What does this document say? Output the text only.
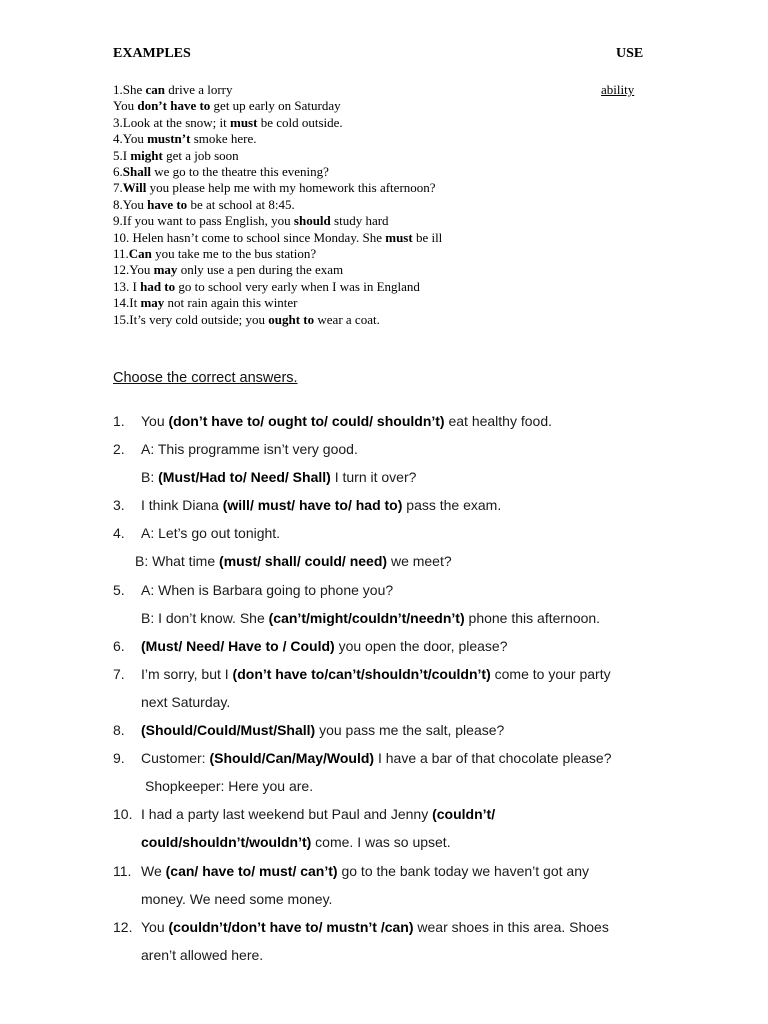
EXAMPLES	USE
1.She can drive a lorry
You don’t have to get up early on Saturday
3.Look at the snow; it must be cold outside.
4.You mustn’t smoke here.
5.I might get a job soon
6.Shall we go to the theatre this evening?
7.Will you please help me with my homework this afternoon?
8.You have to be at school at 8:45.
9.If you want to pass English, you should study hard
10. Helen hasn’t come to school since Monday. She must be ill
11.Can you take me to the bus station?
12.You may only use a pen during the exam
13. I had to go to school very early when I was in England
14.It may not rain again this winter
15.It’s very cold outside; you ought to wear a coat.
ability
Choose the correct answers.
1. You (don’t have to/ ought to/ could/ shouldn’t) eat healthy food.
2. A: This programme isn’t very good.
B: (Must/Had to/ Need/ Shall) I turn it over?
3. I think Diana (will/ must/ have to/ had to) pass the exam.
4. A: Let’s go out tonight.
B: What time (must/ shall/ could/ need) we meet?
5. A: When is Barbara going to phone you?
B: I don’t know. She (can’t/might/couldn’t/needn’t) phone this afternoon.
6. (Must/ Need/ Have to / Could) you open the door, please?
7. I’m sorry, but I (don’t have to/can’t/shouldn’t/couldn’t) come to your party
next Saturday.
8. (Should/Could/Must/Shall) you pass me the salt, please?
9. Customer: (Should/Can/May/Would) I have a bar of that chocolate please?
Shopkeeper: Here you are.
10. I had a party last weekend but Paul and Jenny (couldn’t/
could/shouldn’t/wouldn’t) come. I was so upset.
11. We (can/ have to/ must/ can’t) go to the bank today we haven’t got any
money. We need some money.
12. You (couldn’t/don’t have to/ mustn’t /can) wear shoes in this area. Shoes
aren’t allowed here.
